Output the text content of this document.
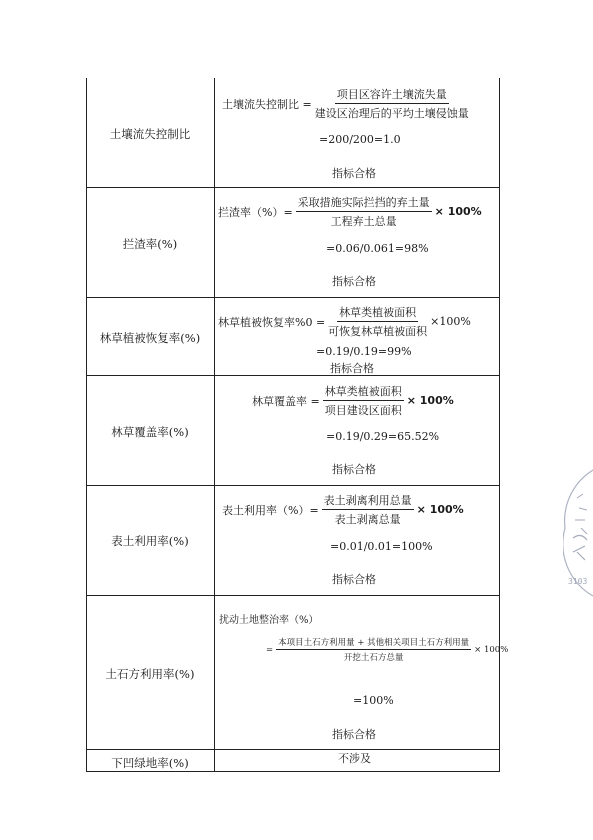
土壤流失控制比
土壤流失控制比 = $\frac{\text{项目区容许土壤流失量}}{\text{建设区治理后的平均土壤侵蚀量}}$
=200/200=1.0
指标合格
拦渣率(%)
拦渣率（%）= $\frac{\text{采取措施实际拦挡的弃土量}}{\text{工程弃土总量}} \times 100\%$
=0.06/0.061=98%
指标合格
林草植被恢复率(%)
林草植被恢复率$\%0 = \frac{\text{林草类植被面积}}{\text{可恢复林草植被面积}} \times 100\%$
=0.19/0.19=99%
指标合格
林草覆盖率(%)
林草覆盖率 = $\frac{\text{林草类植被面积}}{\text{项目建设区面积}} \times 100\%$
=0.19/0.29=65.52%
指标合格
表土利用率(%)
表土利用率（%）= $\frac{\text{表土剥离利用总量}}{\text{表土剥离总量}} \times 100\%$
=0.01/0.01=100%
指标合格
土石方利用率(%)
扰动土地整治率（%）
= $\frac{\text{本项目土石方利用量 + 其他相关项目土石方利用量}}{\text{开挖土石方总量}} \times 100\%$
=100%
指标合格
下凹绿地率(%)	不涉及
3103
